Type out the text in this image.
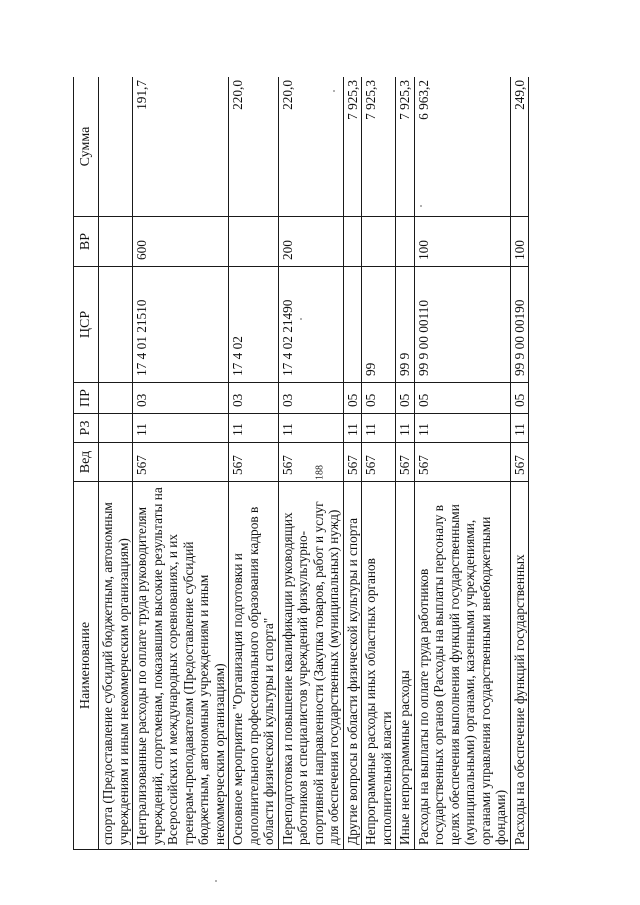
188
Наименование	Вед	РЗ	ПР	ЦСР	ВР	Сумма
спорта (Предоставление субсидий бюджетным, автономным учреждениям и иным некоммерческим организациям)						
Централизованные расходы по оплате труда руководителям учреждений, спортсменам, показавшим высокие результаты на Всероссийских и международных соревнованиях, и их тренерам-преподавателям (Предоставление субсидий бюджетным, автономным учреждениям и иным некоммерческим организациям)	567	11	03	17 4 01 21510	600	191,7
Основное мероприятие "Организация подготовки и дополнительного профессионального образования кадров в области физической культуры и спорта"	567	11	03	17 4 02		220,0
Переподготовка и повышение квалификации руководящих работников и специалистов учреждений физкультурно-спортивной направленности (Закупка товаров, работ и услуг для обеспечения государственных (муниципальных) нужд)	567	11	03	17 4 02 21490	200	220,0
Другие вопросы в области физической культуры и спорта	567	11	05			7 925,3
Непрограммные расходы иных областных органов исполнительной власти	567	11	05	99		7 925,3
Иные непрограммные расходы	567	11	05	99 9		7 925,3
Расходы на выплаты по оплате труда работников государственных органов (Расходы на выплаты персоналу в целях обеспечения выполнения функций государственными (муниципальными) органами, казенными учреждениями, органами управления государственными внебюджетными фондами)	567	11	05	99 9 00 00110	100	6 963,2
Расходы на обеспечение функций государственных	567	11	05	99 9 00 00190	100	249,0
